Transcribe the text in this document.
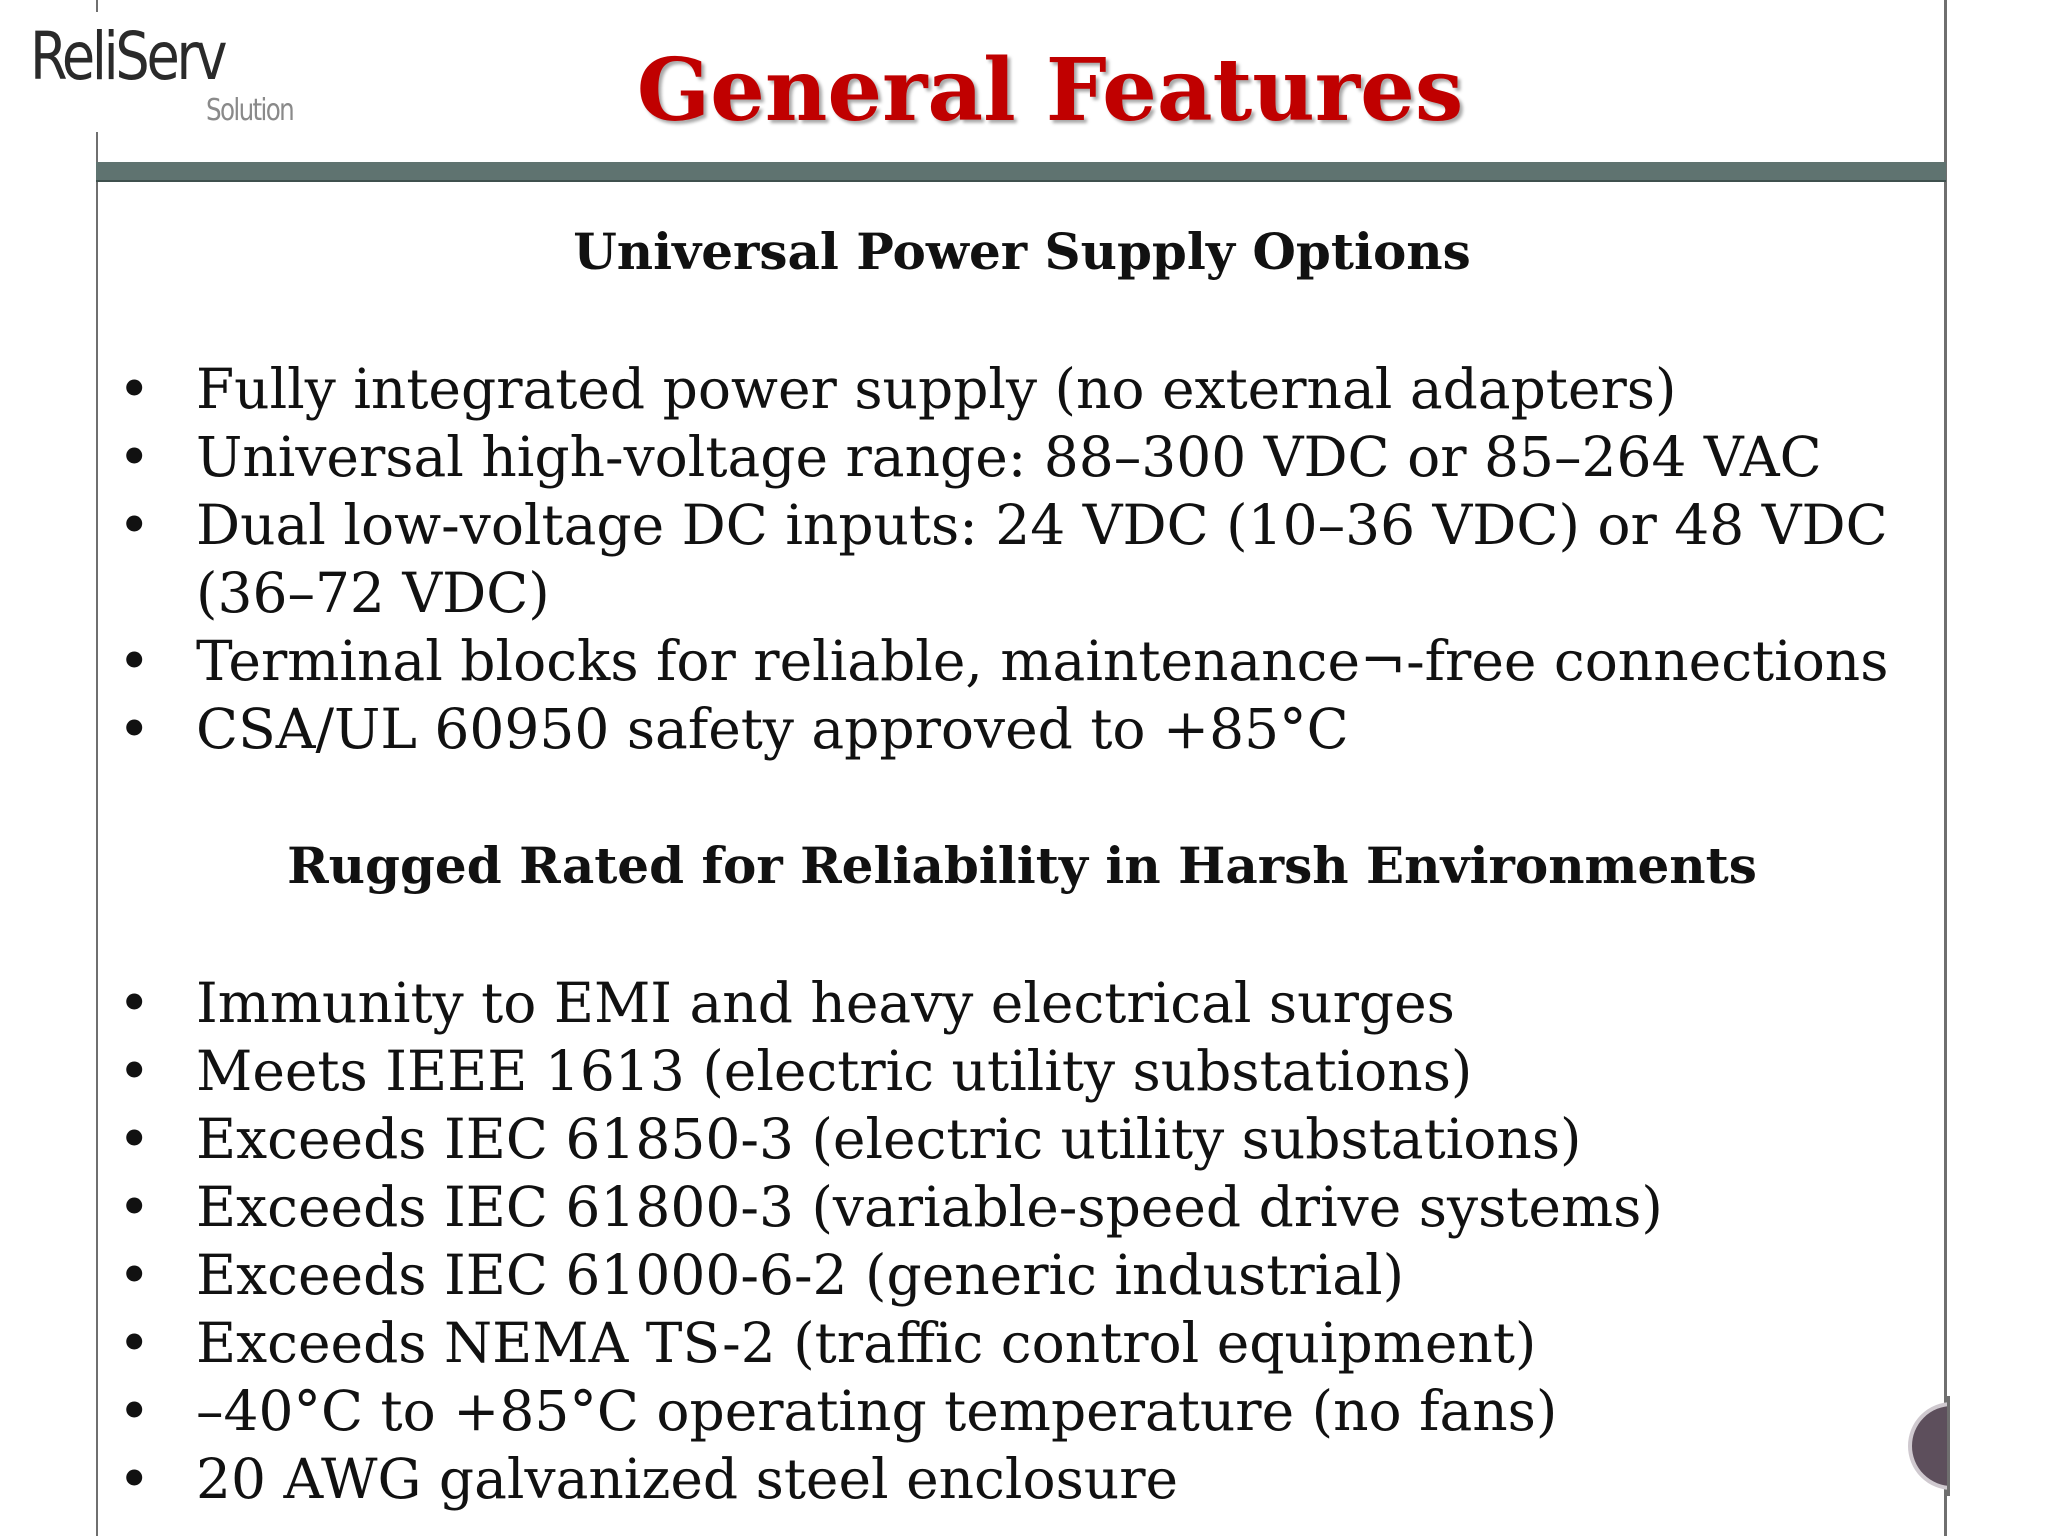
ReliServ
Solution	General Features
Universal Power Supply Options
• Fully integrated power supply (no external adapters)
• Universal high-voltage range: 88–300 VDC or 85–264 VAC
• Dual low-voltage DC inputs: 24 VDC (10–36 VDC) or 48 VDC (36–72 VDC)
• Terminal blocks for reliable, maintenance¬-free connections
• CSA/UL 60950 safety approved to +85°C
Rugged Rated for Reliability in Harsh Environments
• Immunity to EMI and heavy electrical surges
• Meets IEEE 1613 (electric utility substations)
• Exceeds IEC 61850-3 (electric utility substations)
• Exceeds IEC 61800-3 (variable-speed drive systems)
• Exceeds IEC 61000-6-2 (generic industrial)
• Exceeds NEMA TS-2 (traffic control equipment)
• –40°C to +85°C operating temperature (no fans)
• 20 AWG galvanized steel enclosure
